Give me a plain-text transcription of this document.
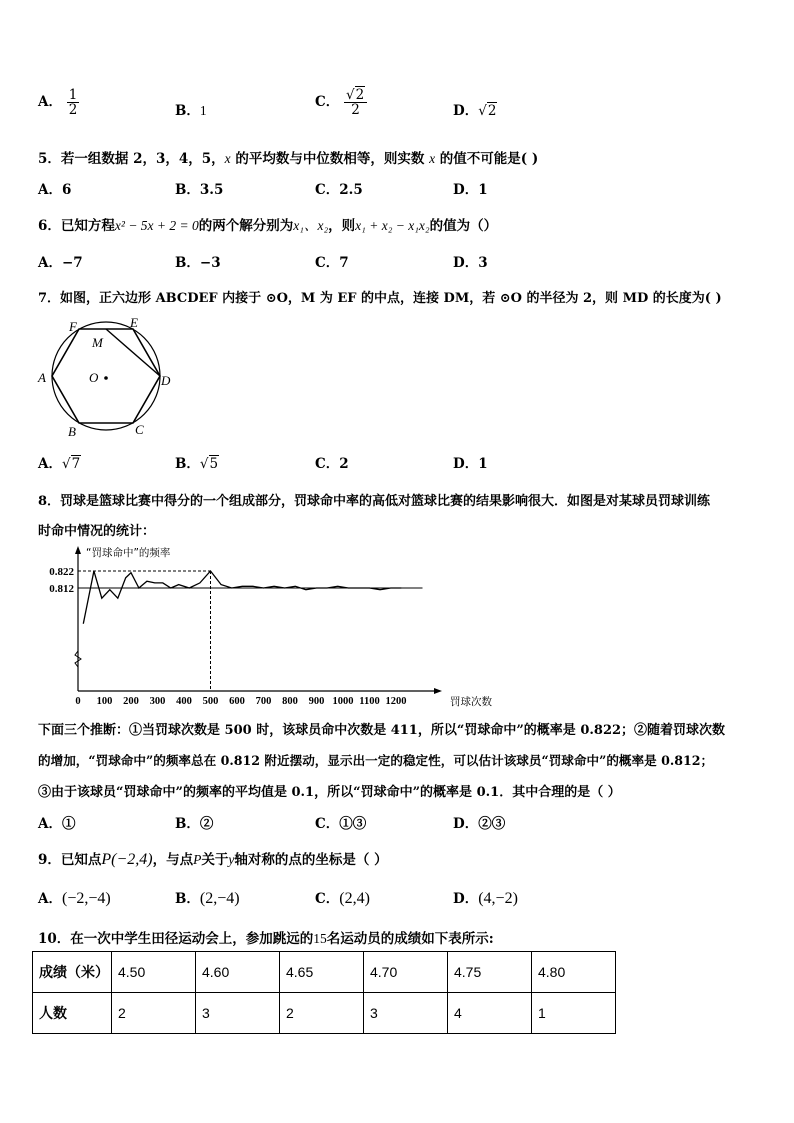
A． $\frac{1}{2}$	B．1
C． $\frac{√2}{2}$	D．√2
5．若一组数据 2，3，4，5，x 的平均数与中位数相等，则实数 x 的值不可能是( )
A．6	B．3.5	C．2.5	D．1
6．已知方程x² − 5x + 2 = 0的两个解分别为x₁、x₂，则x₁ + x₂ − x₁x₂的值为（）
A．−7	B．−3	C．7	D．3
7．如图，正六边形 ABCDEF 内接于 ⊙O，M 为 EF 的中点，连接 DM，若 ⊙O 的半径为 2，则 MD 的长度为( )
A
B	C
D
E
F
M
O
A．√7	B．√5	C．2	D．1
8．罚球是篮球比赛中得分的一个组成部分，罚球命中率的高低对篮球比赛的结果影响很大．如图是对某球员罚球训练
时命中情况的统计：
“罚球命中”的频率
罚球次数
0.812
0.822
0 100 200 300 400 500 600 700 800 900 1000 1100 1200
下面三个推断：①当罚球次数是 500 时，该球员命中次数是 411，所以“罚球命中”的概率是 0.822；②随着罚球次数
的增加，“罚球命中”的频率总在 0.812 附近摆动，显示出一定的稳定性，可以估计该球员“罚球命中”的概率是 0.812；
③由于该球员“罚球命中”的频率的平均值是 0.1，所以“罚球命中”的概率是 0.1．其中合理的是（ ）
A．①	B．②	C．①③	D．②③
9．已知点P(−2,4)，与点P关于y轴对称的点的坐标是（ ）
A．(−2,−4)	B．(2,−4)	C．(2,4)	D．(4,−2)
10．在一次中学生田径运动会上，参加跳远的15名运动员的成绩如下表所示:
成绩（米）	4.50	4.60	4.65	4.70	4.75	4.80
人数	2	3	2	3	4	1
